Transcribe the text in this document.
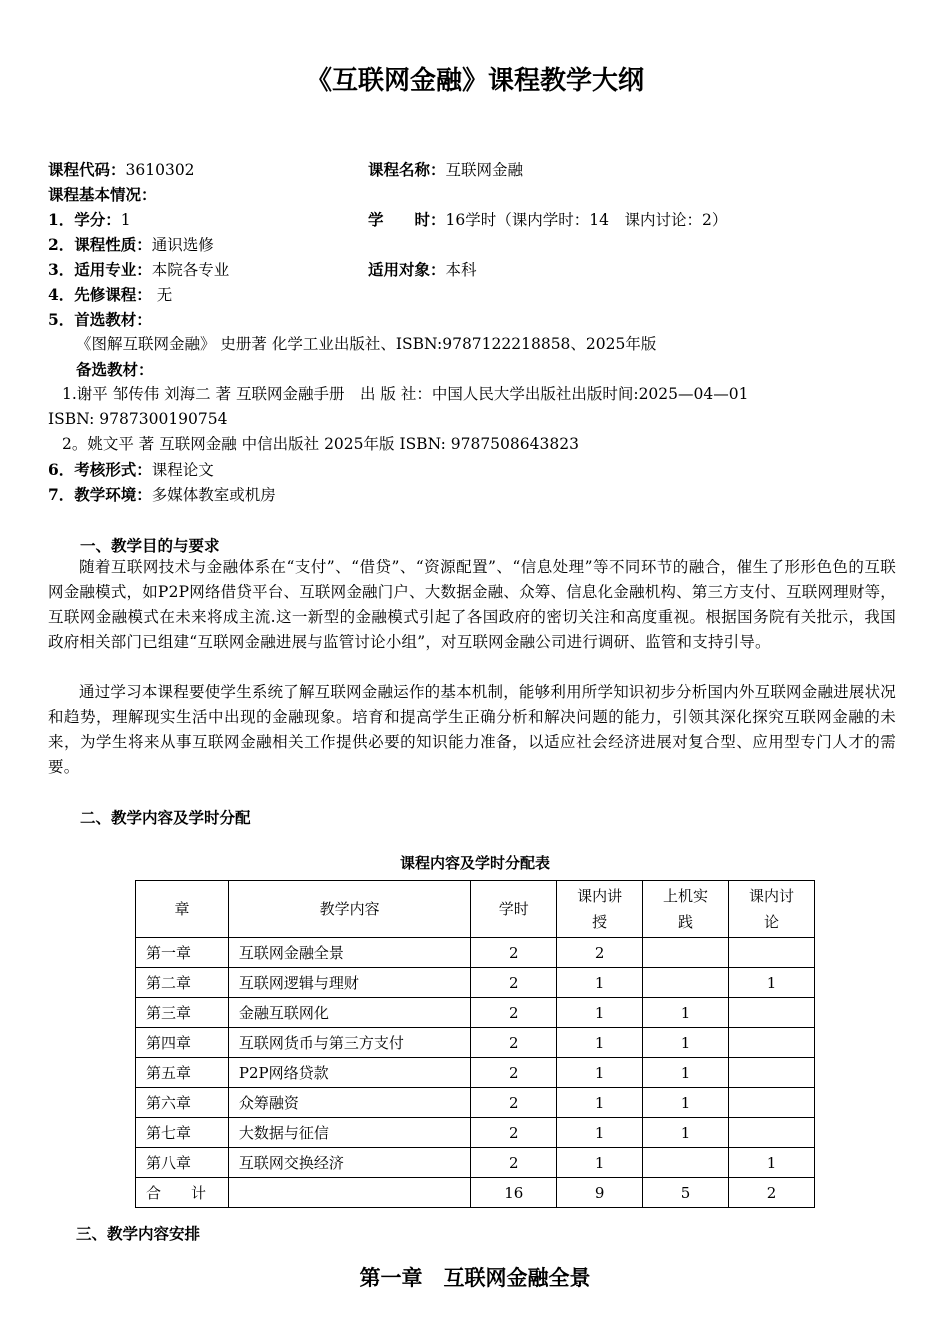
《互联网金融》课程教学大纲
课程代码：3610302	课程名称：互联网金融
课程基本情况：
1．学分：1	学　　时：16学时（课内学时：14　课内讨论：2）
2．课程性质：通识选修
3．适用专业：本院各专业	适用对象：本科
4．先修课程： 无
5．首选教材：
《图解互联网金融》 史册著 化学工业出版社、ISBN:9787122218858、2025年版
备选教材：
1.谢平 邹传伟 刘海二 著 互联网金融手册　出 版 社：中国人民大学出版社出版时间:2025—04—01
ISBN: 9787300190754
2。姚文平 著 互联网金融 中信出版社 2025年版 ISBN: 9787508643823
6．考核形式：课程论文
7．教学环境：多媒体教室或机房
一、教学目的与要求
随着互联网技术与金融体系在“支付”、“借贷”、“资源配置”、“信息处理”等不同环节的融合，催生了形形色色的互联网金融模式，如P2P网络借贷平台、互联网金融门户、大数据金融、众筹、信息化金融机构、第三方支付、互联网理财等，互联网金融模式在未来将成主流.这一新型的金融模式引起了各国政府的密切关注和高度重视。根据国务院有关批示，我国政府相关部门已组建“互联网金融进展与监管讨论小组”，对互联网金融公司进行调研、监管和支持引导。
通过学习本课程要使学生系统了解互联网金融运作的基本机制，能够利用所学知识初步分析国内外互联网金融进展状况和趋势，理解现实生活中出现的金融现象。培育和提高学生正确分析和解决问题的能力，引领其深化探究互联网金融的未来，为学生将来从事互联网金融相关工作提供必要的知识能力准备，以适应社会经济进展对复合型、应用型专门人才的需要。
二、教学内容及学时分配
课程内容及学时分配表
章	教学内容	学时	课内讲授	上机实践	课内讨论

第一章	互联网金融全景	2	2		
第二章	互联网逻辑与理财	2	1		1
第三章	金融互联网化	2	1	1	
第四章	互联网货币与第三方支付	2	1	1	
第五章	P2P网络贷款	2	1	1	
第六章	众筹融资	2	1	1	
第七章	大数据与征信	2	1	1	
第八章	互联网交换经济	2	1		1
合　　计		16	9	5	2
三、教学内容安排
第一章　互联网金融全景
